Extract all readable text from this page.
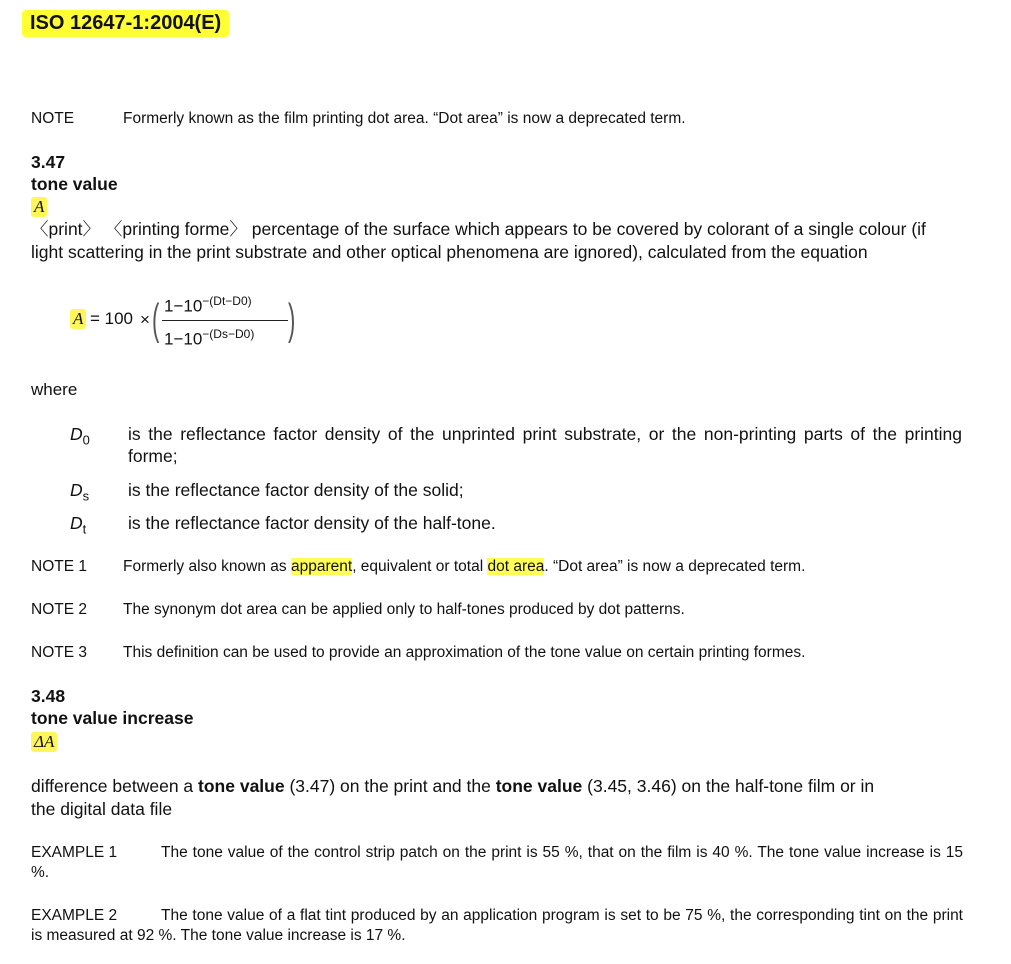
ISO 12647-1:2004(E)
NOTE	Formerly known as the film printing dot area. “Dot area” is now a deprecated term.
3.47
tone value
A
〈print〉 〈printing forme〉 percentage of the surface which appears to be covered by colorant of a single colour (if
light scattering in the print substrate and other optical phenomena are ignored), calculated from the equation
A = 100 × ( $1-10^{-(Dt-D0)}$
$1-10^{-(Ds-D0)}$ )
where
$D_0$ is the reflectance factor density of the unprinted print substrate, or the non-printing parts of the printing forme;
$D_s$ is the reflectance factor density of the solid;
$D_t$ is the reflectance factor density of the half-tone.
NOTE 1 Formerly also known as apparent, equivalent or total dot area. “Dot area” is now a deprecated term.
NOTE 2 The synonym dot area can be applied only to half-tones produced by dot patterns.
NOTE 3 This definition can be used to provide an approximation of the tone value on certain printing formes.
3.48
tone value increase
ΔA
difference between a tone value (3.47) on the print and the tone value (3.45, 3.46) on the half-tone film or in
the digital data file
EXAMPLE 1	The tone value of the control strip patch on the print is 55 %, that on the film is 40 %. The tone value increase is 15 %.
EXAMPLE 2	The tone value of a flat tint produced by an application program is set to be 75 %, the corresponding tint on the print is measured at 92 %. The tone value increase is 17 %.
